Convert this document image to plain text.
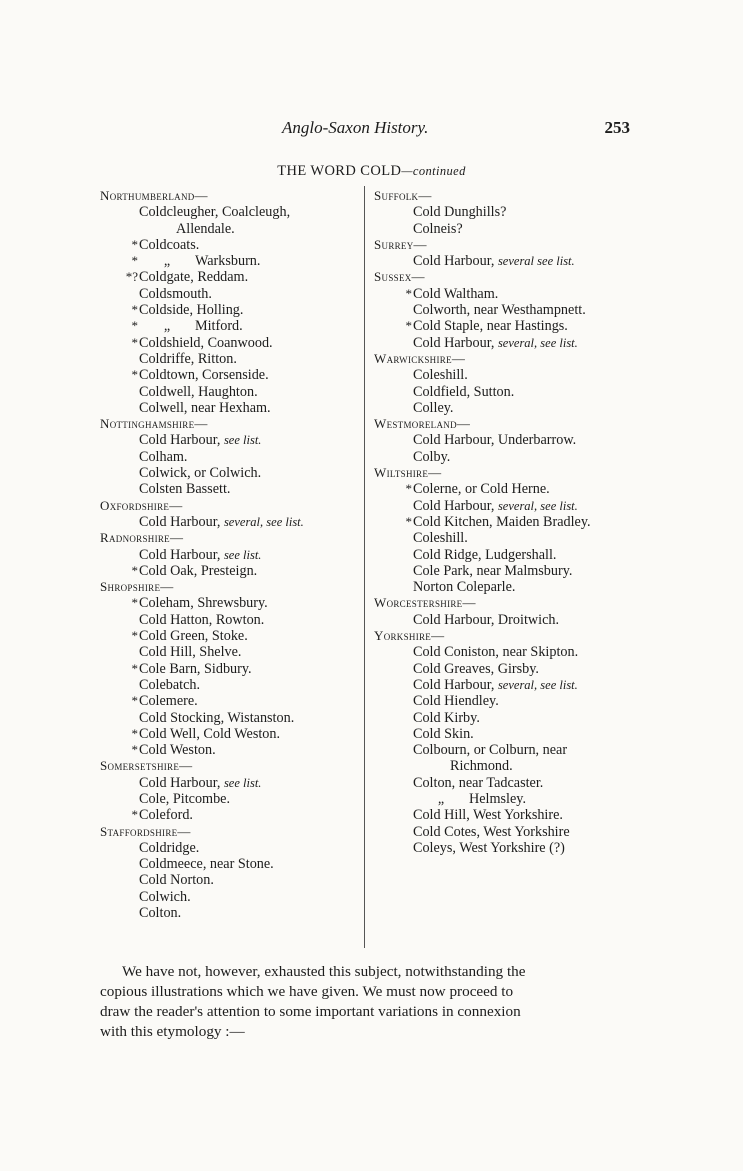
Anglo-Saxon History.	253
THE WORD COLD—continued
Northumberland—
Coldcleugher, Coalcleugh,
Allendale.
* Coldcoats.
* „ Warksburn.
*? Coldgate, Reddam.
Coldsmouth.
* Coldside, Holling.
* „ Mitford.
* Coldshield, Coanwood.
Coldriffe, Ritton.
* Coldtown, Corsenside.
Coldwell, Haughton.
Colwell, near Hexham.
Nottinghamshire—
Cold Harbour, see list.
Colham.
Colwick, or Colwich.
Colsten Bassett.
Oxfordshire—
Cold Harbour, several, see list.
Radnorshire—
Cold Harbour, see list.
* Cold Oak, Presteign.
Shropshire—
* Coleham, Shrewsbury.
Cold Hatton, Rowton.
* Cold Green, Stoke.
Cold Hill, Shelve.
* Cole Barn, Sidbury.
Colebatch.
* Colemere.
Cold Stocking, Wistanston.
* Cold Well, Cold Weston.
* Cold Weston.
Somersetshire—
Cold Harbour, see list.
Cole, Pitcombe.
* Coleford.
Staffordshire—
Coldridge.
Coldmeece, near Stone.
Cold Norton.
Colwich.
Colton.
Suffolk—
Cold Dunghills?
Colneis?
Surrey—
Cold Harbour, several see list.
Sussex—
* Cold Waltham.
Colworth, near Westhampnett.
* Cold Staple, near Hastings.
Cold Harbour, several, see list.
Warwickshire—
Coleshill.
Coldfield, Sutton.
Colley.
Westmoreland—
Cold Harbour, Underbarrow.
Colby.
Wiltshire—
* Colerne, or Cold Herne.
Cold Harbour, several, see list.
* Cold Kitchen, Maiden Bradley.
Coleshill.
Cold Ridge, Ludgershall.
Cole Park, near Malmsbury.
Norton Coleparle.
Worcestershire—
Cold Harbour, Droitwich.
Yorkshire—
Cold Coniston, near Skipton.
Cold Greaves, Girsby.
Cold Harbour, several, see list.
Cold Hiendley.
Cold Kirby.
Cold Skin.
Colbourn, or Colburn, near
Richmond.
Colton, near Tadcaster.
„ Helmsley.
Cold Hill, West Yorkshire.
Cold Cotes, West Yorkshire
Coleys, West Yorkshire (?)
We have not, however, exhausted this subject, notwithstanding the
copious illustrations which we have given. We must now proceed to
draw the reader's attention to some important variations in connexion
with this etymology :—
